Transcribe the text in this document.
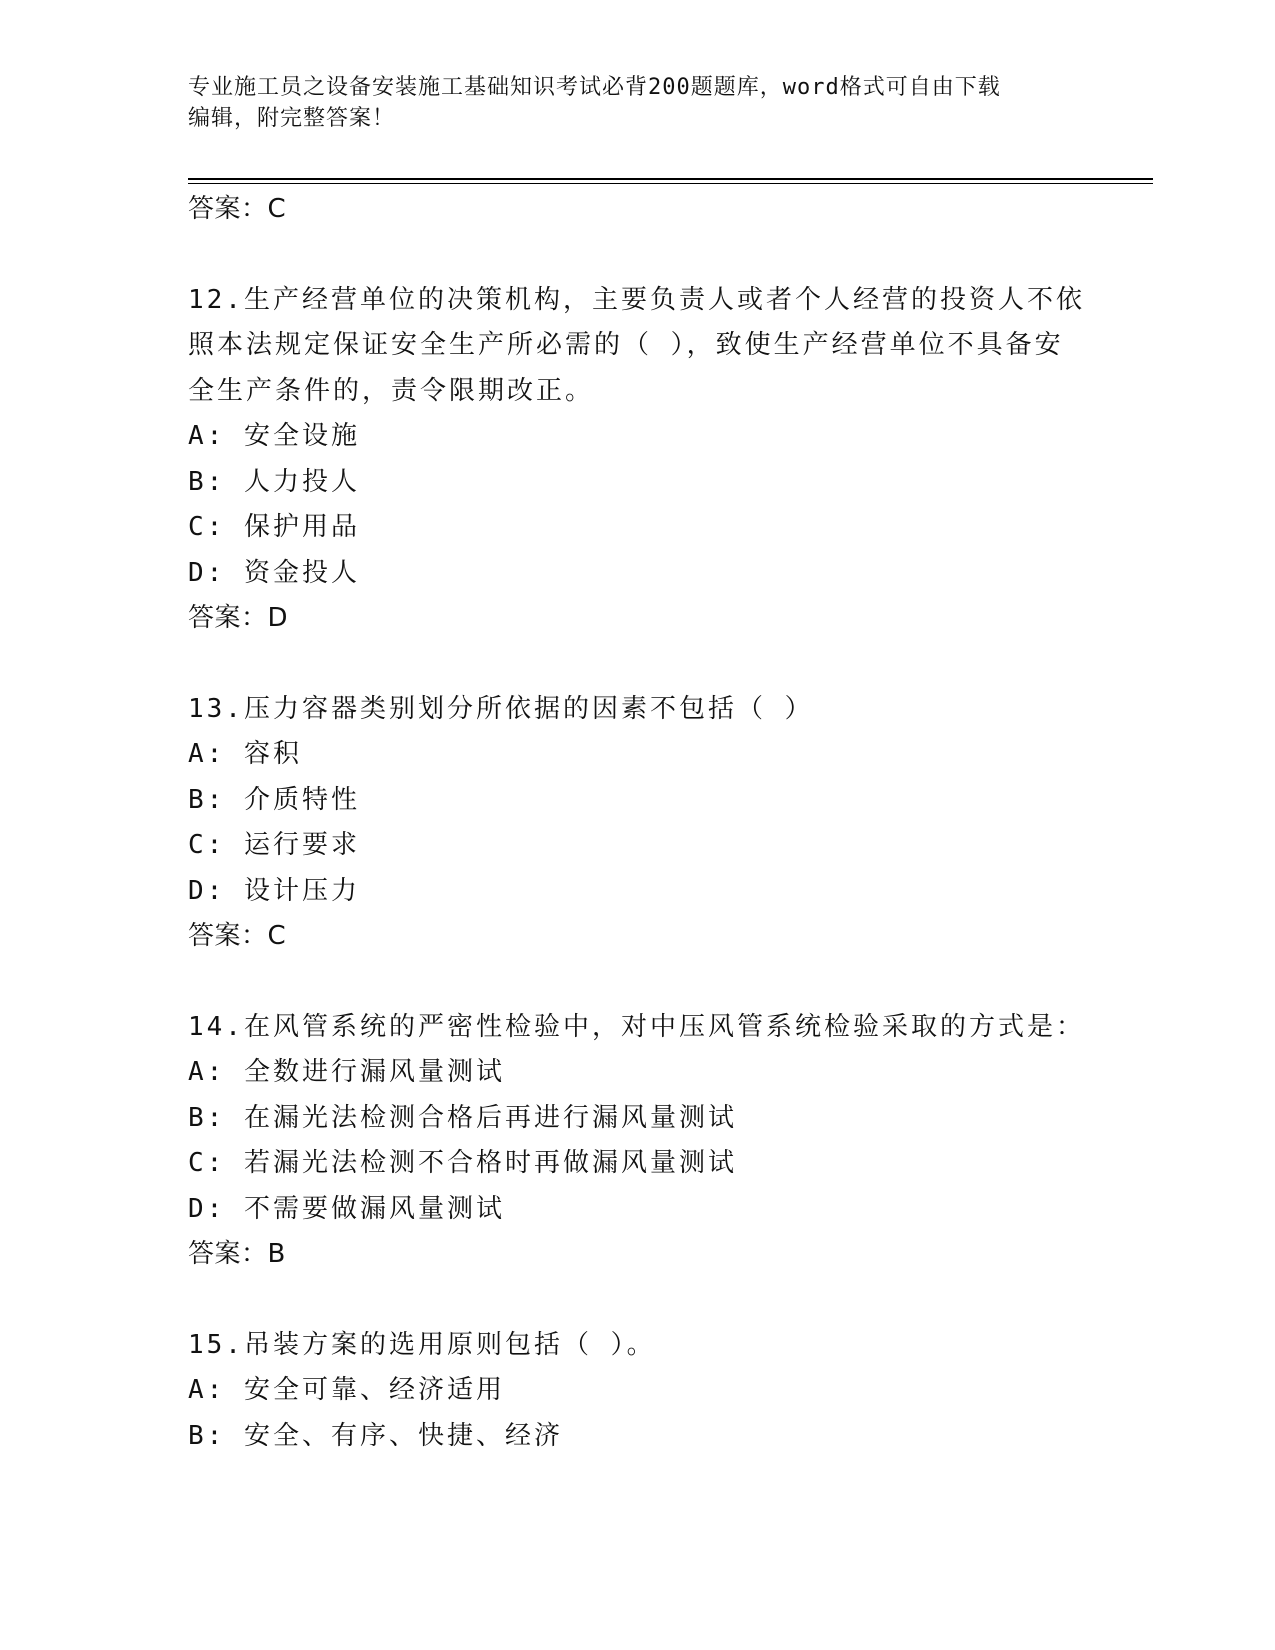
专业施工员之设备安装施工基础知识考试必背200题题库，word格式可自由下载
编辑，附完整答案！
答案：C
12.生产经营单位的决策机构，主要负责人或者个人经营的投资人不依
照本法规定保证安全生产所必需的（ ），致使生产经营单位不具备安
全生产条件的，责令限期改正。
A: 安全设施
B: 人力投人
C: 保护用品
D: 资金投人
答案：D
13.压力容器类别划分所依据的因素不包括（ ）
A: 容积
B: 介质特性
C: 运行要求
D: 设计压力
答案：C
14.在风管系统的严密性检验中，对中压风管系统检验采取的方式是：
A: 全数进行漏风量测试
B: 在漏光法检测合格后再进行漏风量测试
C: 若漏光法检测不合格时再做漏风量测试
D: 不需要做漏风量测试
答案：B
15.吊装方案的选用原则包括（ ）。
A: 安全可靠、经济适用
B: 安全、有序、快捷、经济
